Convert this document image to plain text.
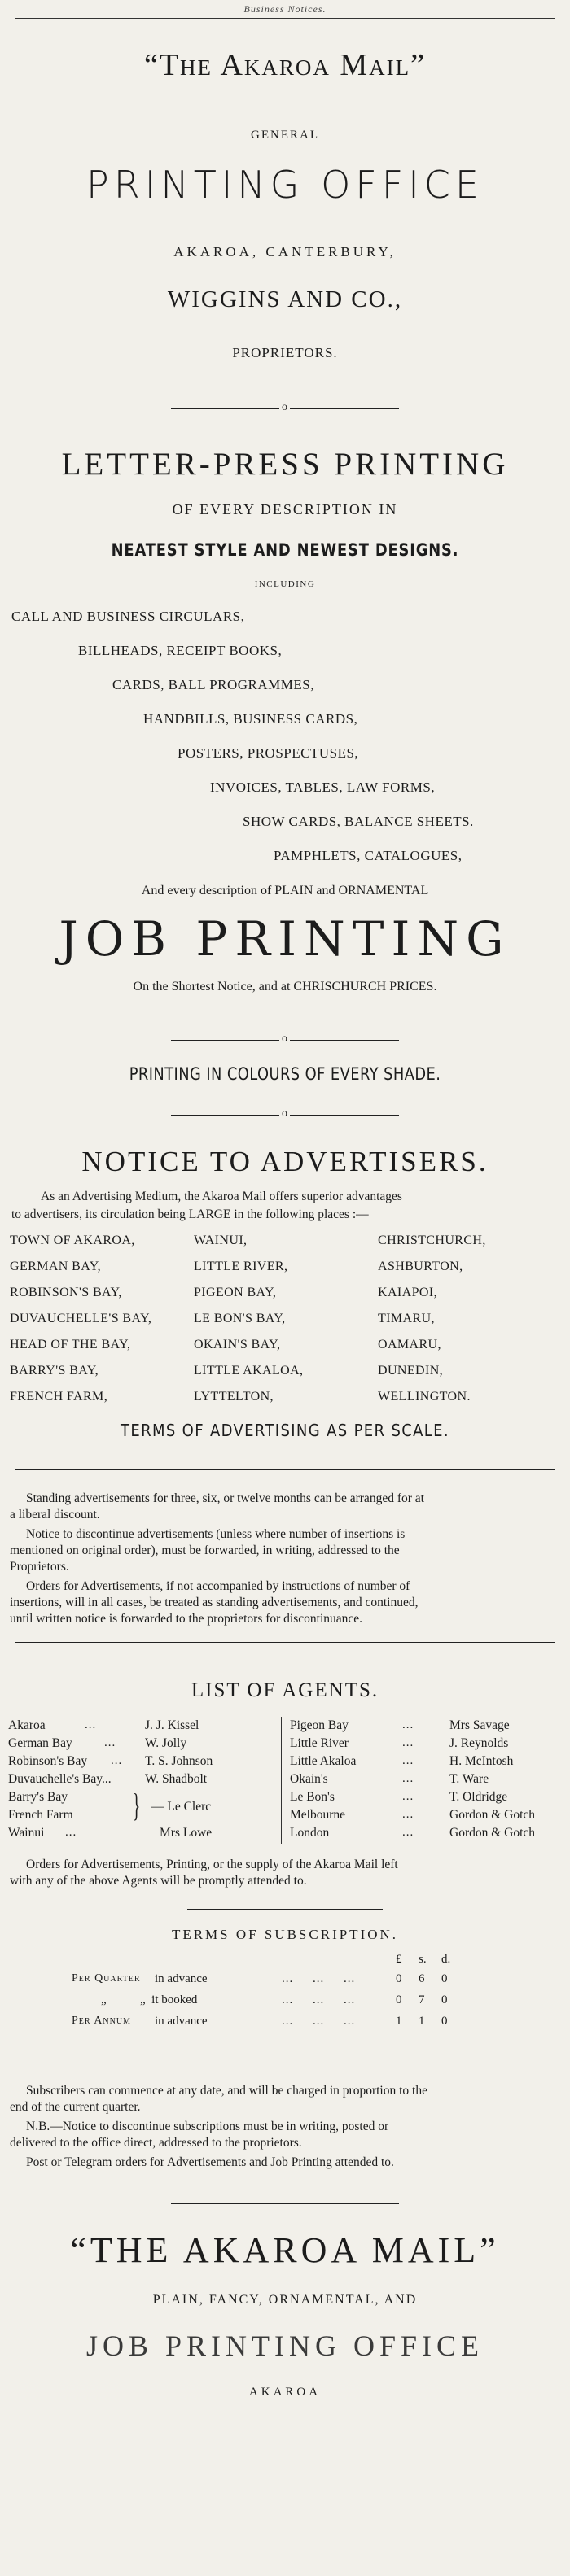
Business Notices.
“The Akaroa Mail”
GENERAL
PRINTING OFFICE
AKAROA, CANTERBURY,
WIGGINS AND CO.,
PROPRIETORS.
o
LETTER-PRESS PRINTING
OF EVERY DESCRIPTION IN
NEATEST STYLE AND NEWEST DESIGNS.
INCLUDING
CALL AND BUSINESS CIRCULARS,
BILLHEADS, RECEIPT BOOKS,
CARDS, BALL PROGRAMMES,
HANDBILLS, BUSINESS CARDS,
POSTERS, PROSPECTUSES,
INVOICES, TABLES, LAW FORMS,
SHOW CARDS, BALANCE SHEETS.
PAMPHLETS, CATALOGUES,
And every description of PLAIN and ORNAMENTAL
JOB PRINTING
On the Shortest Notice, and at CHRISCHURCH PRICES.
o
PRINTING IN COLOURS OF EVERY SHADE.
o
NOTICE TO ADVERTISERS.
As an Advertising Medium, the Akaroa Mail offers superior advantages
to advertisers, its circulation being LARGE in the following places :—
TOWN OF AKAROA,	WAINUI,	CHRISTCHURCH,
GERMAN BAY,	LITTLE RIVER,	ASHBURTON,
ROBINSON'S BAY,	PIGEON BAY,	KAIAPOI,
DUVAUCHELLE'S BAY,	LE BON'S BAY,	TIMARU,
HEAD OF THE BAY,	OKAIN'S BAY,	OAMARU,
BARRY'S BAY,	LITTLE AKALOA,	DUNEDIN,
FRENCH FARM,	LYTTELTON,	WELLINGTON.
TERMS OF ADVERTISING AS PER SCALE.
Standing advertisements for three, six, or twelve months can be arranged for at
a liberal discount.
Notice to discontinue advertisements (unless where number of insertions is
mentioned on original order), must be forwarded, in writing, addressed to the
Proprietors.
Orders for Advertisements, if not accompanied by instructions of number of
insertions, will in all cases, be treated as standing advertisements, and continued,
until written notice is forwarded to the proprietors for discontinuance.
LIST OF AGENTS.
Akaroa	...	J. J. Kissel
German Bay	... W. Jolly
Robinson's Bay ... T. S. Johnson
Duvauchelle's Bay...	W. Shadbolt
Barry's Bay
French Farm } — Le Clerc
Wainui ...	Mrs Lowe
Pigeon Bay	...	Mrs Savage
Little River	...	J. Reynolds
Little Akaloa	...	H. McIntosh
Okain's	...	T. Ware
Le Bon's	...	T. Oldridge
Melbourne	...	Gordon & Gotch
London	...	Gordon & Gotch
Orders for Advertisements, Printing, or the supply of the Akaroa Mail left
with any of the above Agents will be promptly attended to.
TERMS OF SUBSCRIPTION.
£ s. d.
Per Quarter in advance	...     ...     ...	0 6 0
„	„  it booked	...     ...     ...	0 7 0
Per Annum in advance	...     ...     ...	1 1 0
Subscribers can commence at any date, and will be charged in proportion to the
end of the current quarter.
N.B.—Notice to discontinue subscriptions must be in writing, posted or
delivered to the office direct, addressed to the proprietors.
Post or Telegram orders for Advertisements and Job Printing attended to.
“THE AKAROA MAIL”
PLAIN, FANCY, ORNAMENTAL, AND
JOB PRINTING OFFICE
AKAROA
